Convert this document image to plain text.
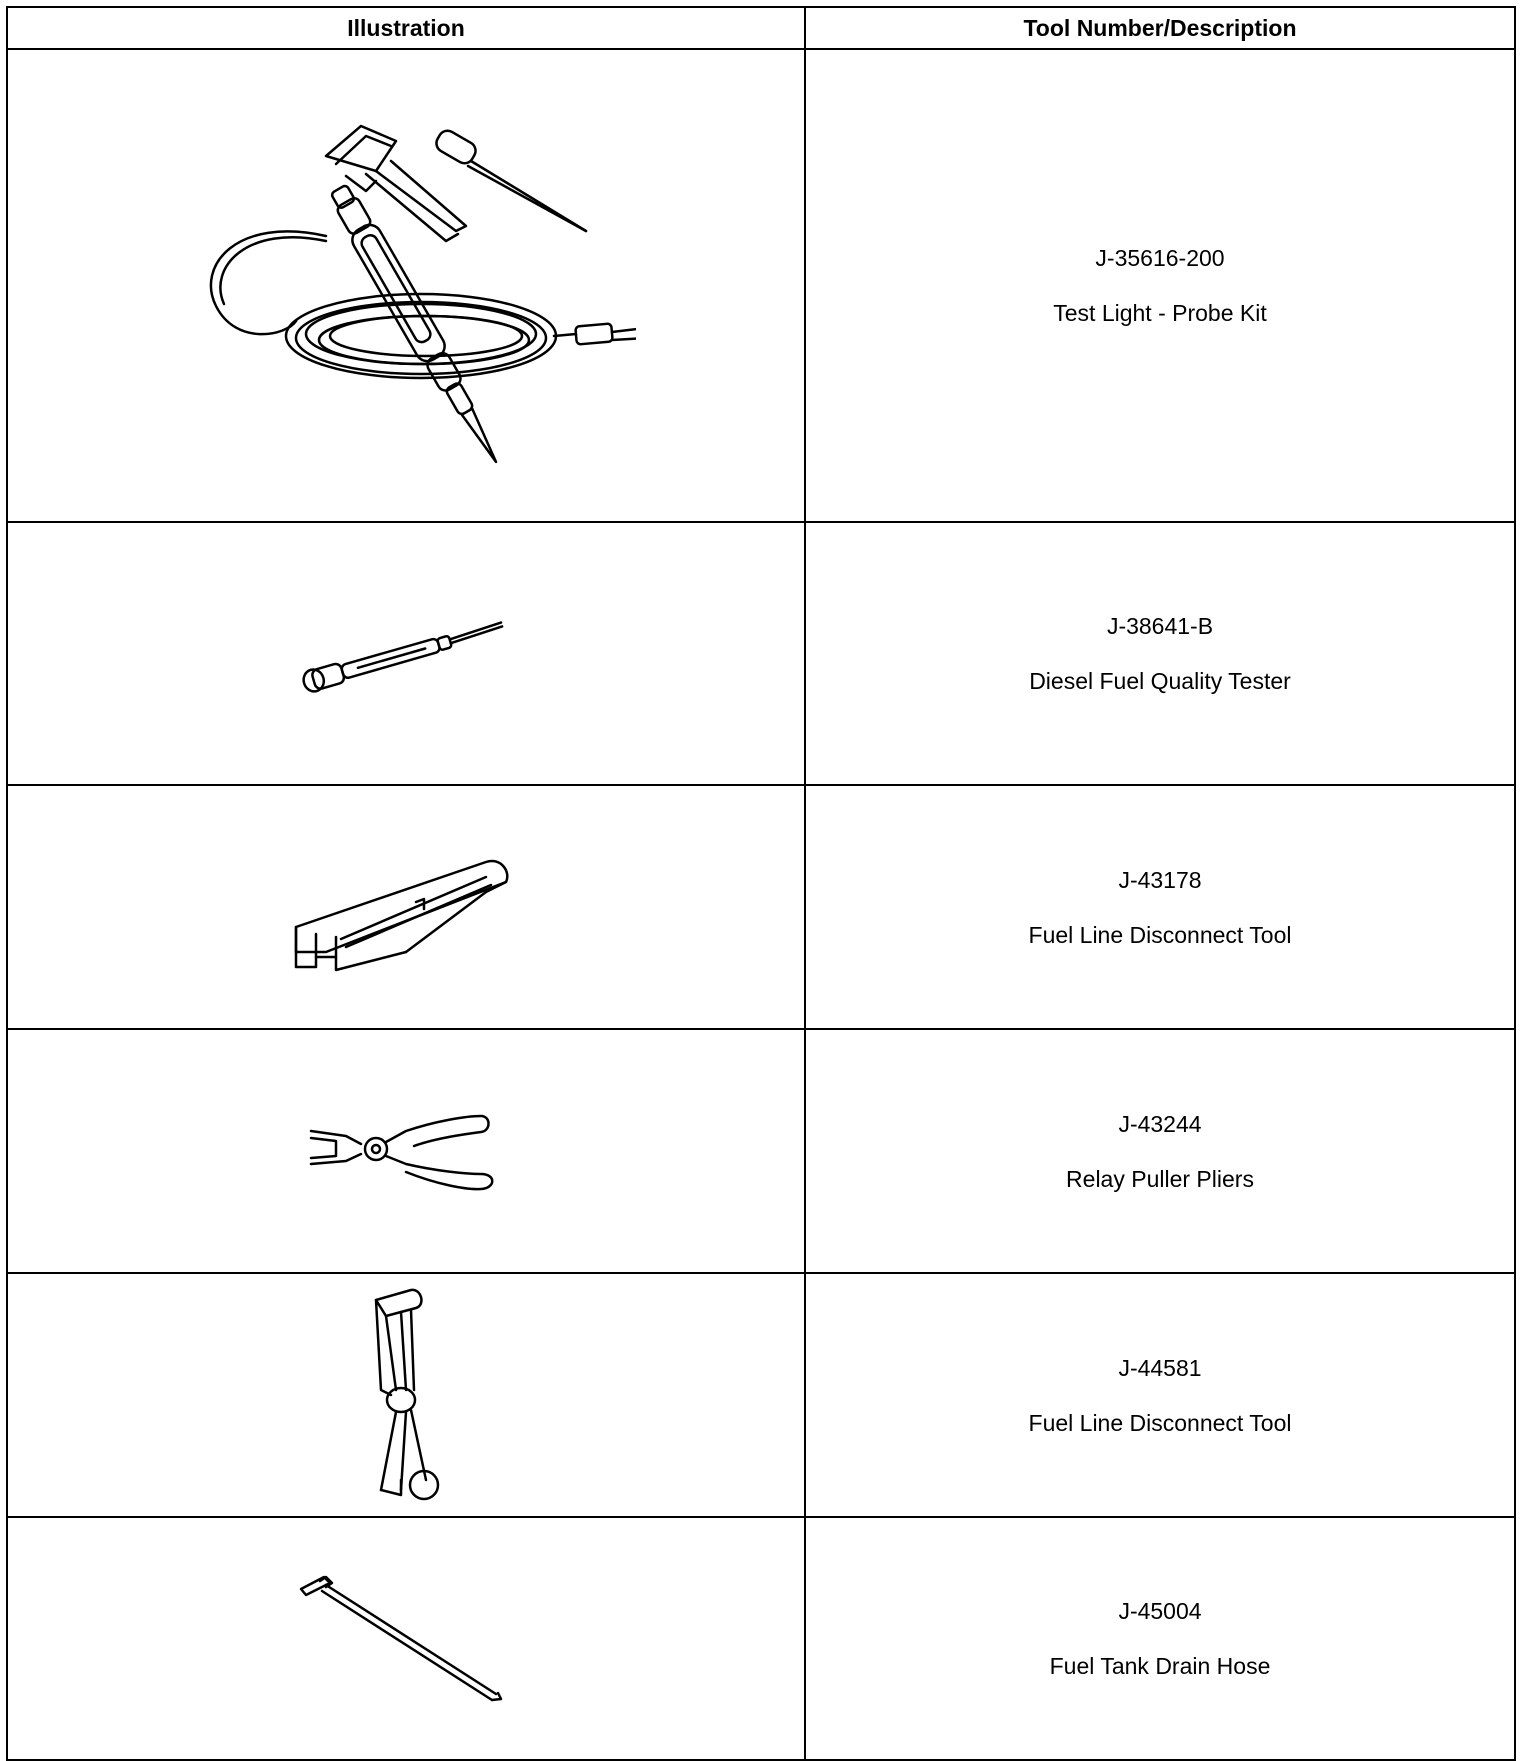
Illustration	Tool Number/Description

J-35616-200
Test Light - Probe Kit

J-38641-B
Diesel Fuel Quality Tester

J-43178
Fuel Line Disconnect Tool

J-43244
Relay Puller Pliers

J-44581
Fuel Line Disconnect Tool

J-45004
Fuel Tank Drain Hose
